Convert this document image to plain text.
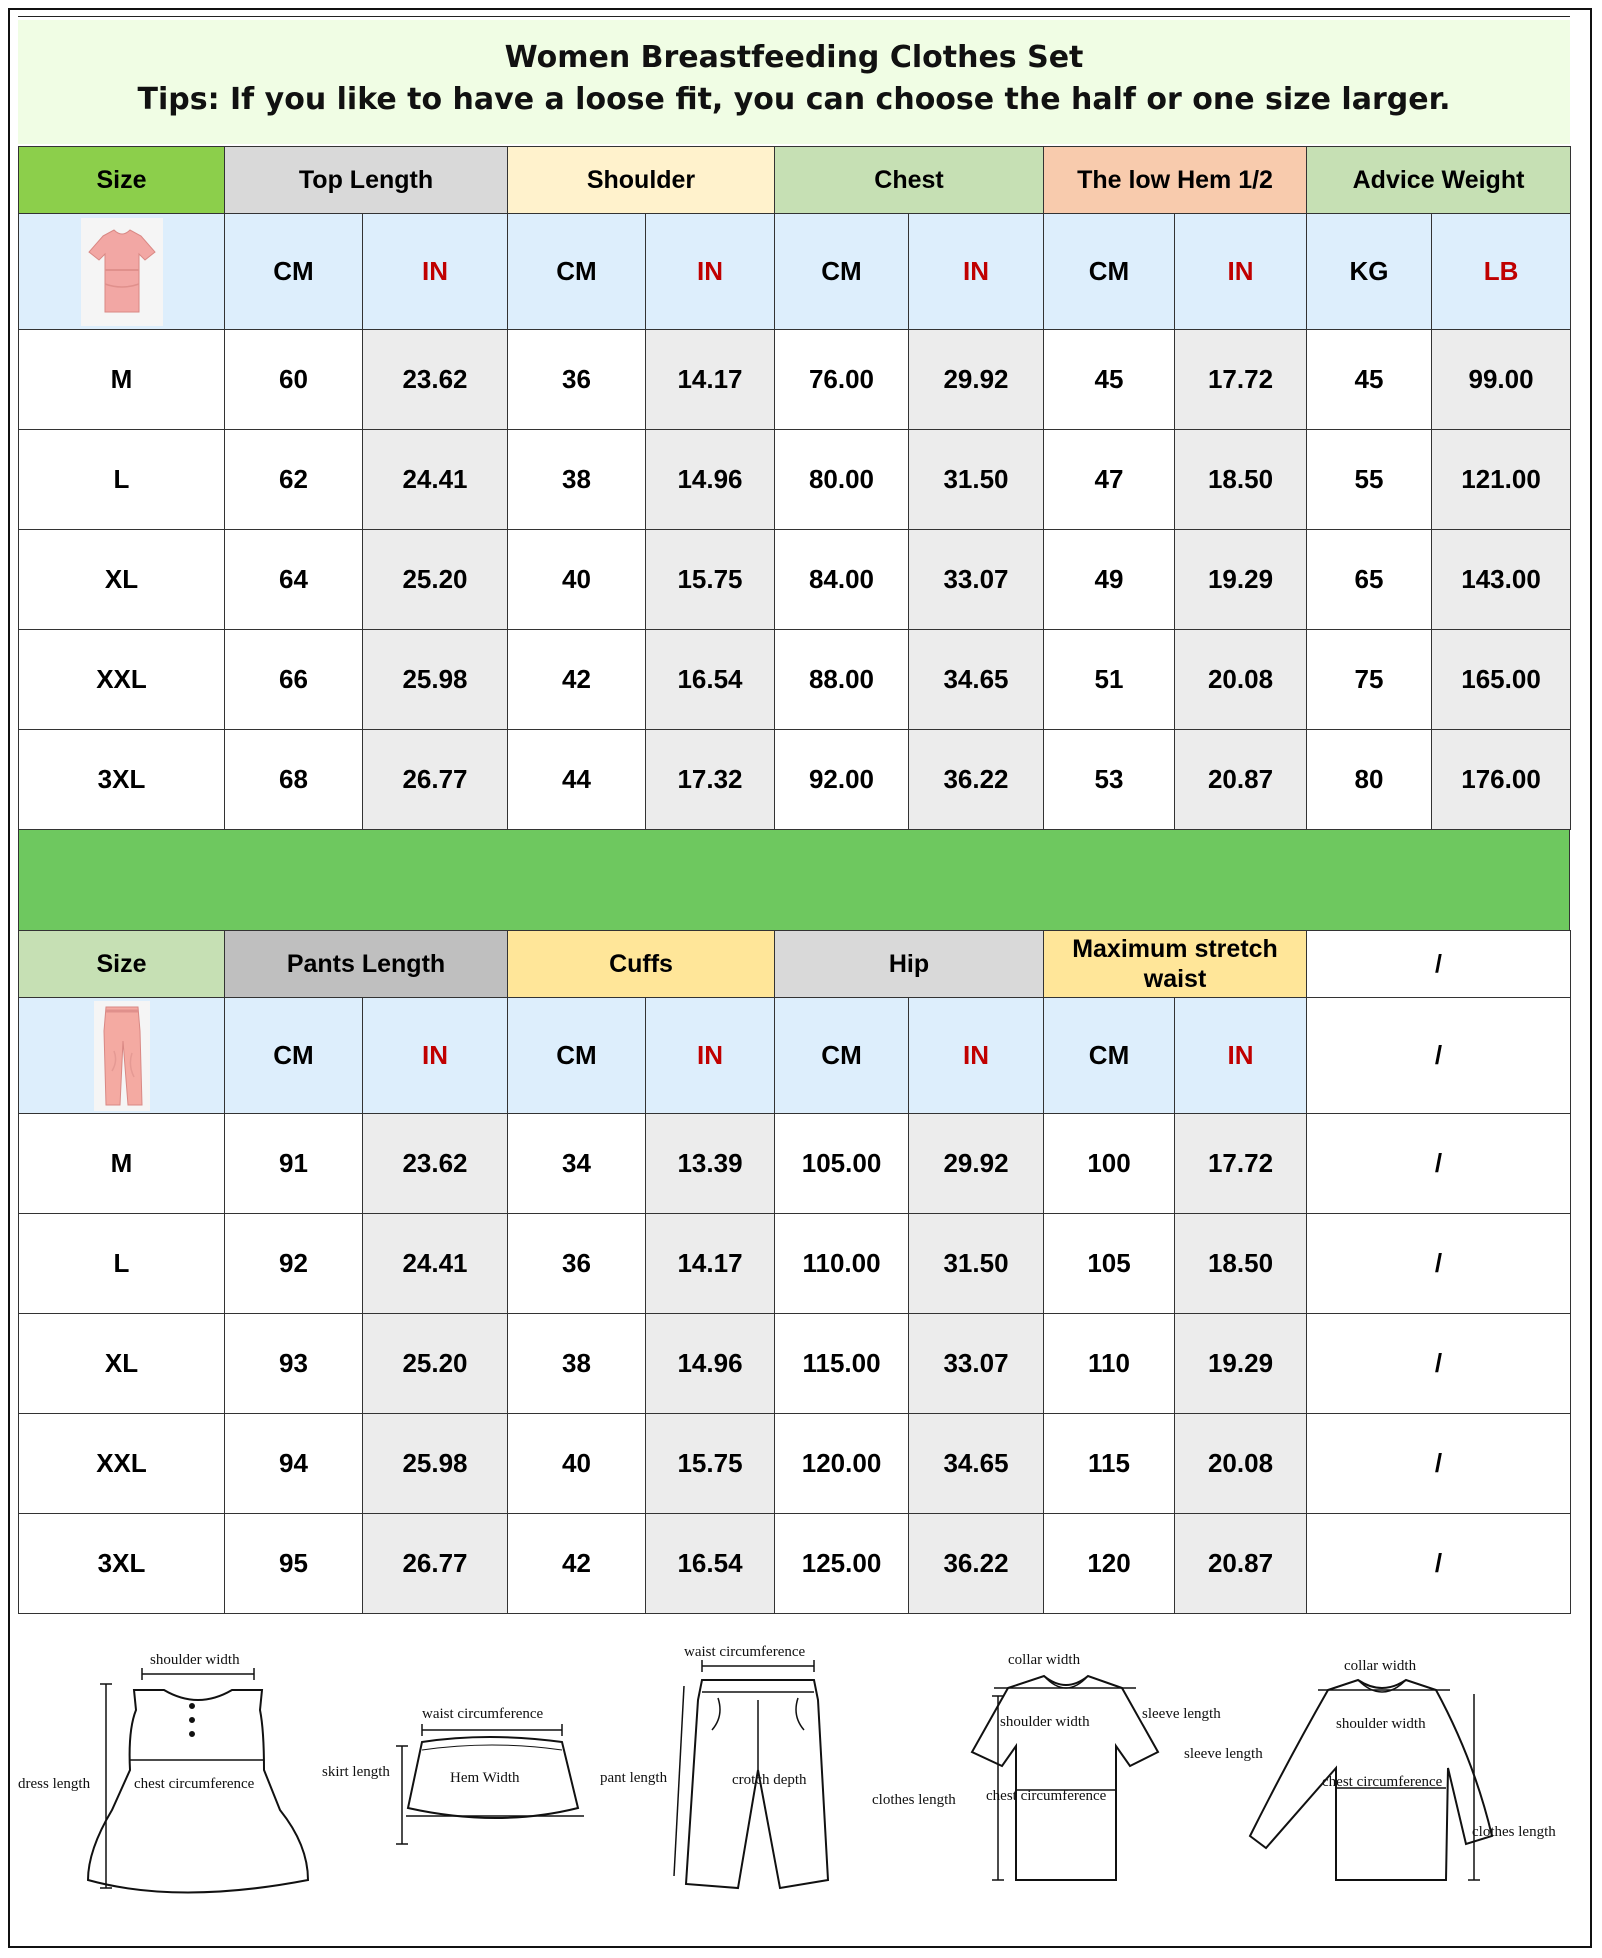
Women Breastfeeding Clothes Set
Tips: If you like to have a loose fit, you can choose the half or one size larger.
Size	Top Length		Shoulder		Chest		The low Hem 1/2		Advice Weight	
	CM	IN	CM	IN	CM	IN	CM	IN	KG	LB
M	60	23.62	36	14.17	76.00	29.92	45	17.72	45	99.00
L	62	24.41	38	14.96	80.00	31.50	47	18.50	55	121.00
XL	64	25.20	40	15.75	84.00	33.07	49	19.29	65	143.00
XXL	66	25.98	42	16.54	88.00	34.65	51	20.08	75	165.00
3XL	68	26.77	44	17.32	92.00	36.22	53	20.87	80	176.00
Size	Pants Length		Cuffs		Hip		Maximum stretch waist		/
	CM	IN	CM	IN	CM	IN	CM	IN	/
M	91	23.62	34	13.39	105.00	29.92	100	17.72	/
L	92	24.41	36	14.17	110.00	31.50	105	18.50	/
XL	93	25.20	38	14.96	115.00	33.07	110	19.29	/
XXL	94	25.98	40	15.75	120.00	34.65	115	20.08	/
3XL	95	26.77	42	16.54	125.00	36.22	120	20.87	/
shoulder width
dress length	chest circumference
waist circumference
skirt length	Hem Width
waist circumference
pant length	crotch depth
collar width
sleeve length
shoulder width
clothes length chest circumference
collar width
shoulder width
sleeve length
chest circumference
clothes length
